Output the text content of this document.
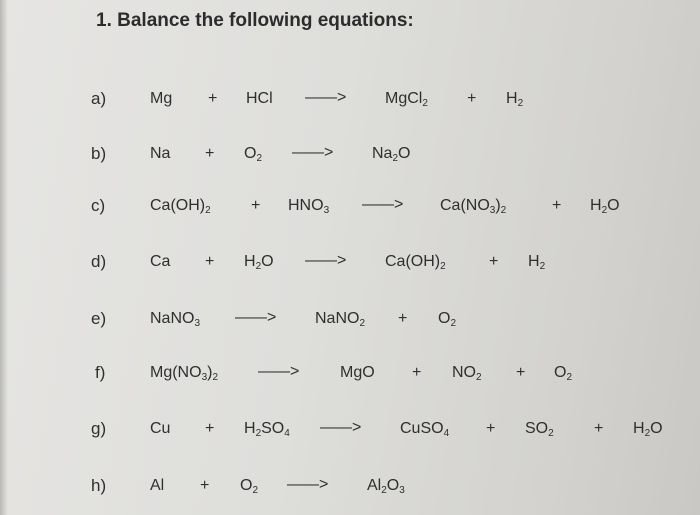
1. Balance the following equations:
a)	Mg + HCl ——> MgCl$_2$ + $H_2$
b)	$Na + O_2$ ——> $Na_2O$
c)	$Ca(OH)_2$	+ $HNO_3$ ——> $Ca(NO_3)_2$	+ $H_2O$
d)	$Ca + H_2O$ ——> $Ca(OH)_2$	+ $H_2$
e)	NaNO$_3$ ——> NaNO$_2$ + $O_2$
f)	$Mg(NO_3)_2$ ——>	MgO + $NO_2 + O_2$
g)	$Cu + H_2SO_4$ ——> CuSO$_4$ + $SO_2$	+ $H_2O$
h)	$Al + O_2$ ——> $Al_2O_3$
